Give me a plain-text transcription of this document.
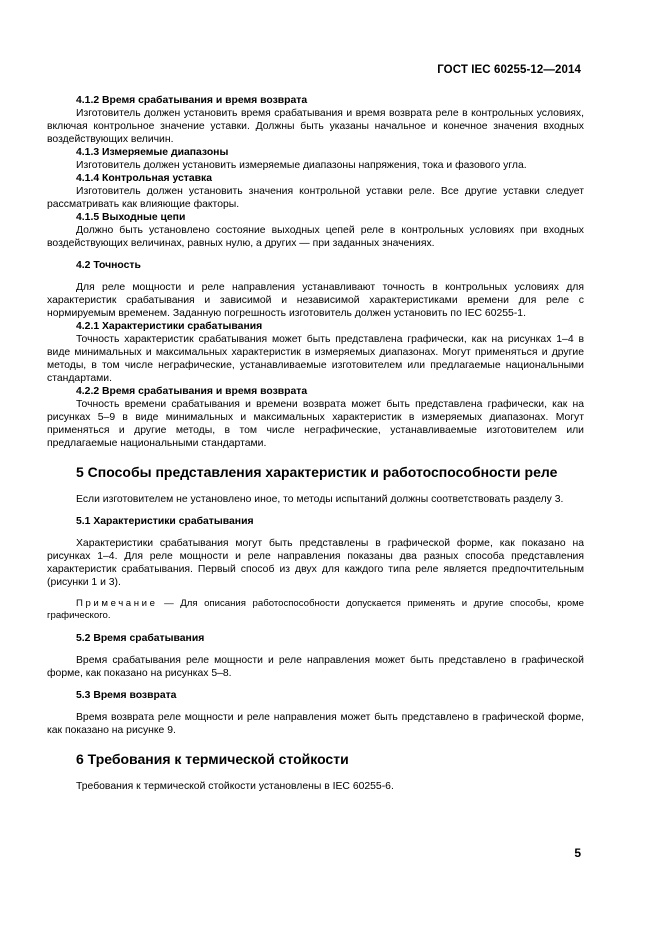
ГОСТ IEC 60255-12—2014
4.1.2 Время срабатывания и время возврата
Изготовитель должен установить время срабатывания и время возврата реле в контрольных условиях, включая контрольное значение уставки. Должны быть указаны начальное и конечное значения входных воздействующих величин.
4.1.3 Измеряемые диапазоны
Изготовитель должен установить измеряемые диапазоны напряжения, тока и фазового угла.
4.1.4 Контрольная уставка
Изготовитель должен установить значения контрольной уставки реле. Все другие уставки следует рассматривать как влияющие факторы.
4.1.5 Выходные цепи
Должно быть установлено состояние выходных цепей реле в контрольных условиях при входных воздействующих величинах, равных нулю, а других — при заданных значениях.
4.2 Точность
Для реле мощности и реле направления устанавливают точность в контрольных условиях для характеристик срабатывания и зависимой и независимой характеристиками времени для реле с нормируемым временем. Заданную погрешность изготовитель должен установить по IEC 60255-1.
4.2.1 Характеристики срабатывания
Точность характеристик срабатывания может быть представлена графически, как на рисунках 1–4 в виде минимальных и максимальных характеристик в измеряемых диапазонах. Могут применяться и другие методы, в том числе неграфические, устанавливаемые изготовителем или предлагаемые национальными стандартами.
4.2.2 Время срабатывания и время возврата
Точность времени срабатывания и времени возврата может быть представлена графически, как на рисунках 5–9 в виде минимальных и максимальных характеристик в измеряемых диапазонах. Могут применяться и другие методы, в том числе неграфические, устанавливаемые изготовителем или предлагаемые национальными стандартами.
5 Способы представления характеристик и работоспособности реле
Если изготовителем не установлено иное, то методы испытаний должны соответствовать разделу 3.
5.1 Характеристики срабатывания
Характеристики срабатывания могут быть представлены в графической форме, как показано на рисунках 1–4. Для реле мощности и реле направления показаны два разных способа представления характеристик срабатывания. Первый способ из двух для каждого типа реле является предпочтительным (рисунки 1 и 3).
Примечание — Для описания работоспособности допускается применять и другие способы, кроме графического.
5.2 Время срабатывания
Время срабатывания реле мощности и реле направления может быть представлено в графической форме, как показано на рисунках 5–8.
5.3 Время возврата
Время возврата реле мощности и реле направления может быть представлено в графической форме, как показано на рисунке 9.
6 Требования к термической стойкости
Требования к термической стойкости установлены в IEC 60255-6.
5
